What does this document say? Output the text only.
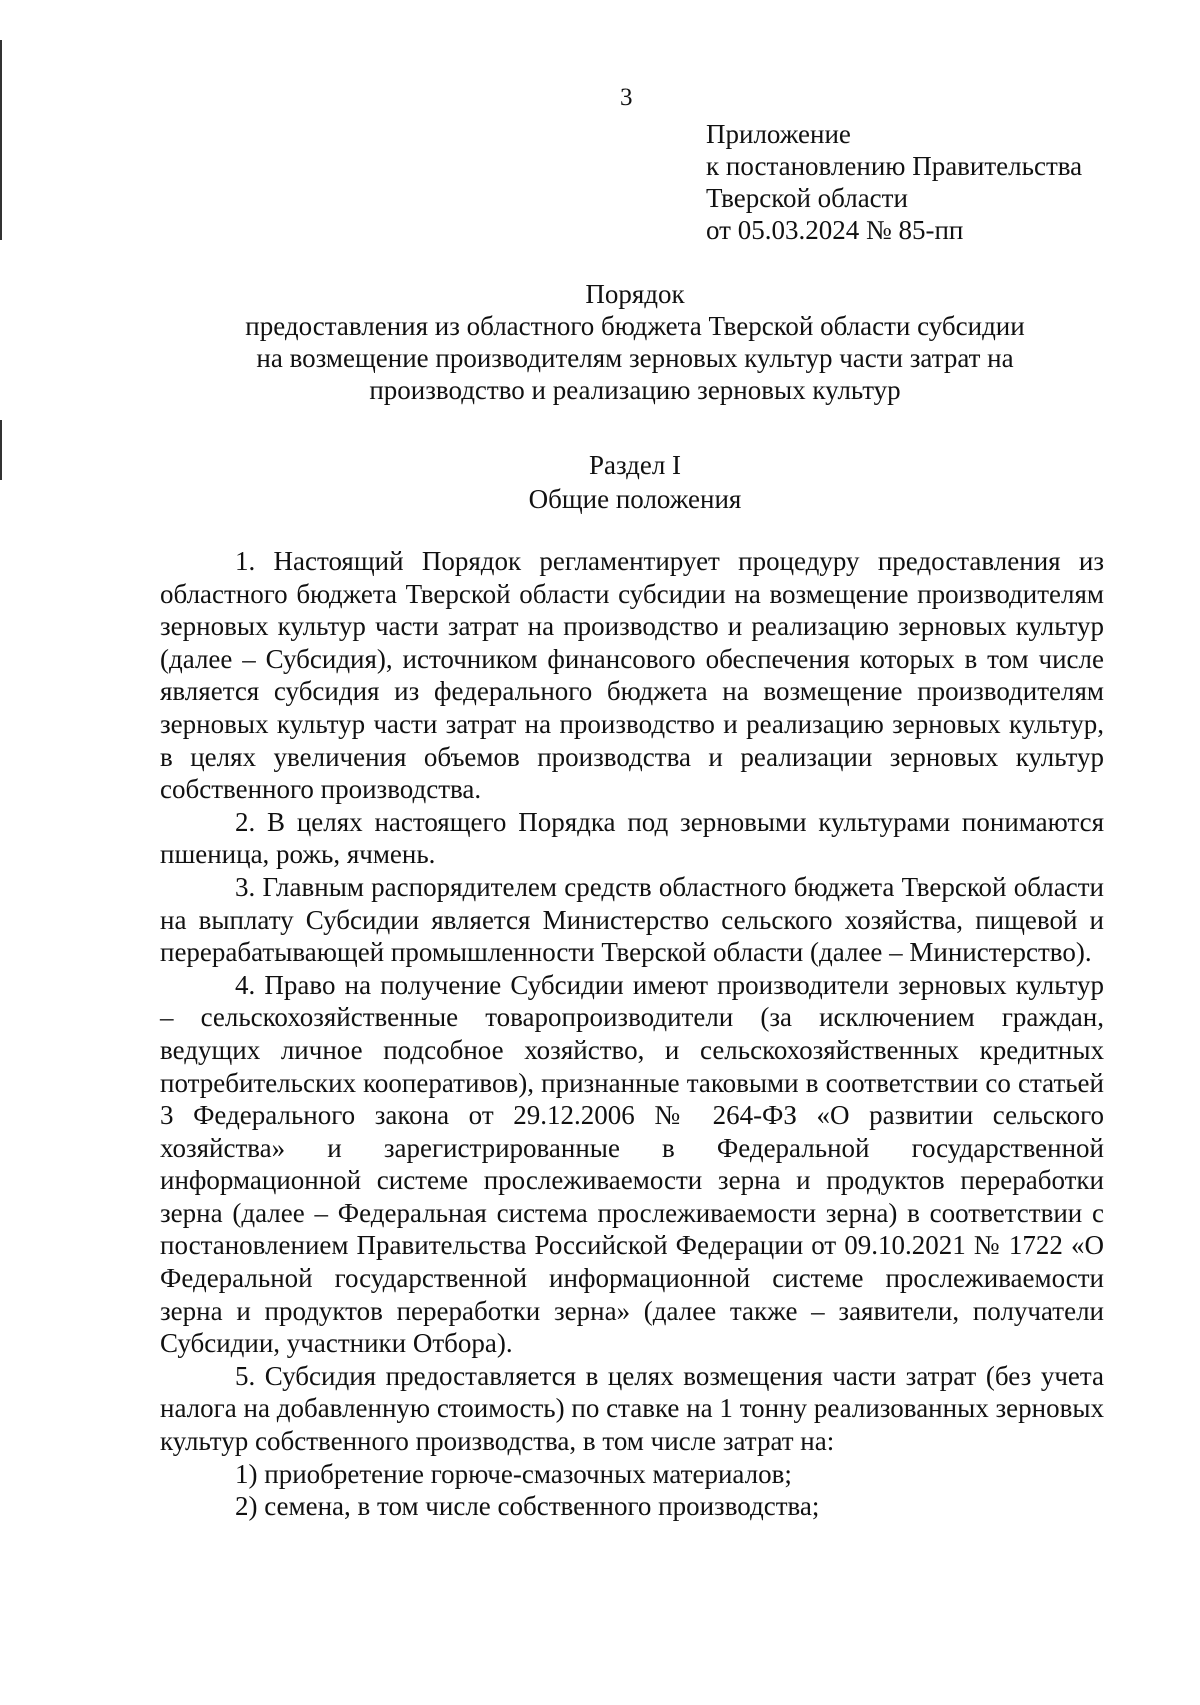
3
Приложение
к постановлению Правительства
Тверской области
от 05.03.2024 № 85-пп
Порядок
предоставления из областного бюджета Тверской области субсидии
на возмещение производителям зерновых культур части затрат на
производство и реализацию зерновых культур
Раздел I
Общие положения

1. Настоящий Порядок регламентирует процедуру предоставления из областного бюджета Тверской области субсидии на возмещение производителям зерновых культур части затрат на производство и реализацию зерновых культур (далее – Субсидия), источником финансового обеспечения которых в том числе является субсидия из федерального бюджета на возмещение производителям зерновых культур части затрат на производство и реализацию зерновых культур, в целях увеличения объемов производства и реализации зерновых культур собственного производства.

2. В целях настоящего Порядка под зерновыми культурами понимаются пшеница, рожь, ячмень.

3. Главным распорядителем средств областного бюджета Тверской области на выплату Субсидии является Министерство сельского хозяйства, пищевой и перерабатывающей промышленности Тверской области (далее – Министерство).

4. Право на получение Субсидии имеют производители зерновых культур – сельскохозяйственные товаропроизводители (за исключением граждан, ведущих личное подсобное хозяйство, и сельскохозяйственных кредитных потребительских кооперативов), признанные таковыми в соответствии со статьей 3 Федерального закона от 29.12.2006 № 264-ФЗ «О развитии сельского хозяйства» и зарегистрированные в Федеральной государственной информационной системе прослеживаемости зерна и продуктов переработки зерна (далее – Федеральная система прослеживаемости зерна) в соответствии с постановлением Правительства Российской Федерации от 09.10.2021 № 1722 «О Федеральной государственной информационной системе прослеживаемости зерна и продуктов переработки зерна» (далее также – заявители, получатели Субсидии, участники Отбора).

5. Субсидия предоставляется в целях возмещения части затрат (без учета налога на добавленную стоимость) по ставке на 1 тонну реализованных зерновых культур собственного производства, в том числе затрат на:

1) приобретение горюче-смазочных материалов;

2) семена, в том числе собственного производства;
